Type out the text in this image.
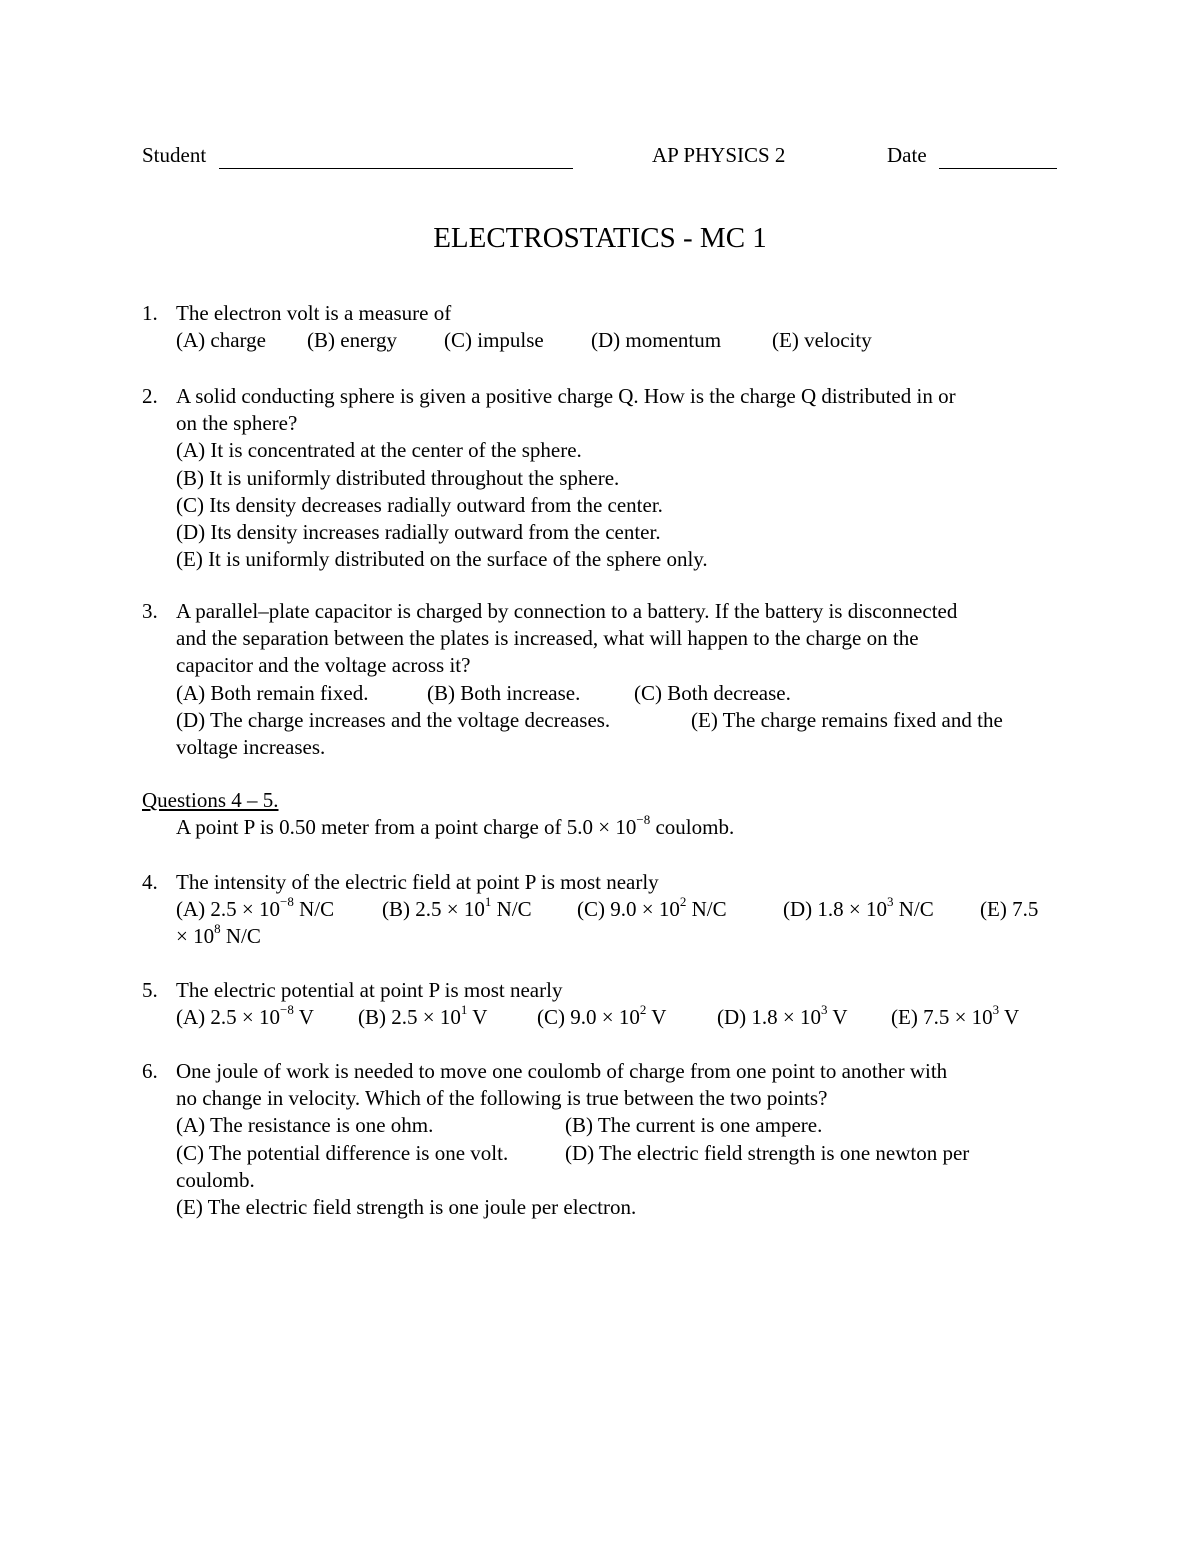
Student	AP PHYSICS 2	Date
ELECTROSTATICS - MC 1
1. The electron volt is a measure of
(A) charge (B) energy (C) impulse (D) momentum (E) velocity
2. A solid conducting sphere is given a positive charge Q. How is the charge Q distributed in or
on the sphere?
(A) It is concentrated at the center of the sphere.
(B) It is uniformly distributed throughout the sphere.
(C) Its density decreases radially outward from the center.
(D) Its density increases radially outward from the center.
(E) It is uniformly distributed on the surface of the sphere only.
3. A parallel–plate capacitor is charged by connection to a battery. If the battery is disconnected
and the separation between the plates is increased, what will happen to the charge on the
capacitor and the voltage across it?
(A) Both remain fixed.	(B) Both increase.	(C) Both decrease.
(D) The charge increases and the voltage decreases.	(E) The charge remains fixed and the
voltage increases.
Questions 4 – 5.
A point P is 0.50 meter from a point charge of $5.0 \times 10^{-8}$ coulomb.
4. The intensity of the electric field at point P is most nearly
(A) $2.5 \times 10^{-8}$ N/C (B) $2.5 \times 10^1$ N/C (C) $9.0 \times 10^2$ N/C	(D) $1.8 \times 10^3$ N/C (E) 7.5
× $10^8$ N/C
5. The electric potential at point P is most nearly
(A) $2.5 \times 10^{-8}$ V (B) $2.5 \times 10^1$ V (C) $9.0 \times 10^2$ V (D) $1.8 \times 10^3$ V (E) $7.5 \times 10^3$ V
6. One joule of work is needed to move one coulomb of charge from one point to another with
no change in velocity. Which of the following is true between the two points?
(A) The resistance is one ohm.	(B) The current is one ampere.
(C) The potential difference is one volt.	(D) The electric field strength is one newton per
coulomb.
(E) The electric field strength is one joule per electron.
